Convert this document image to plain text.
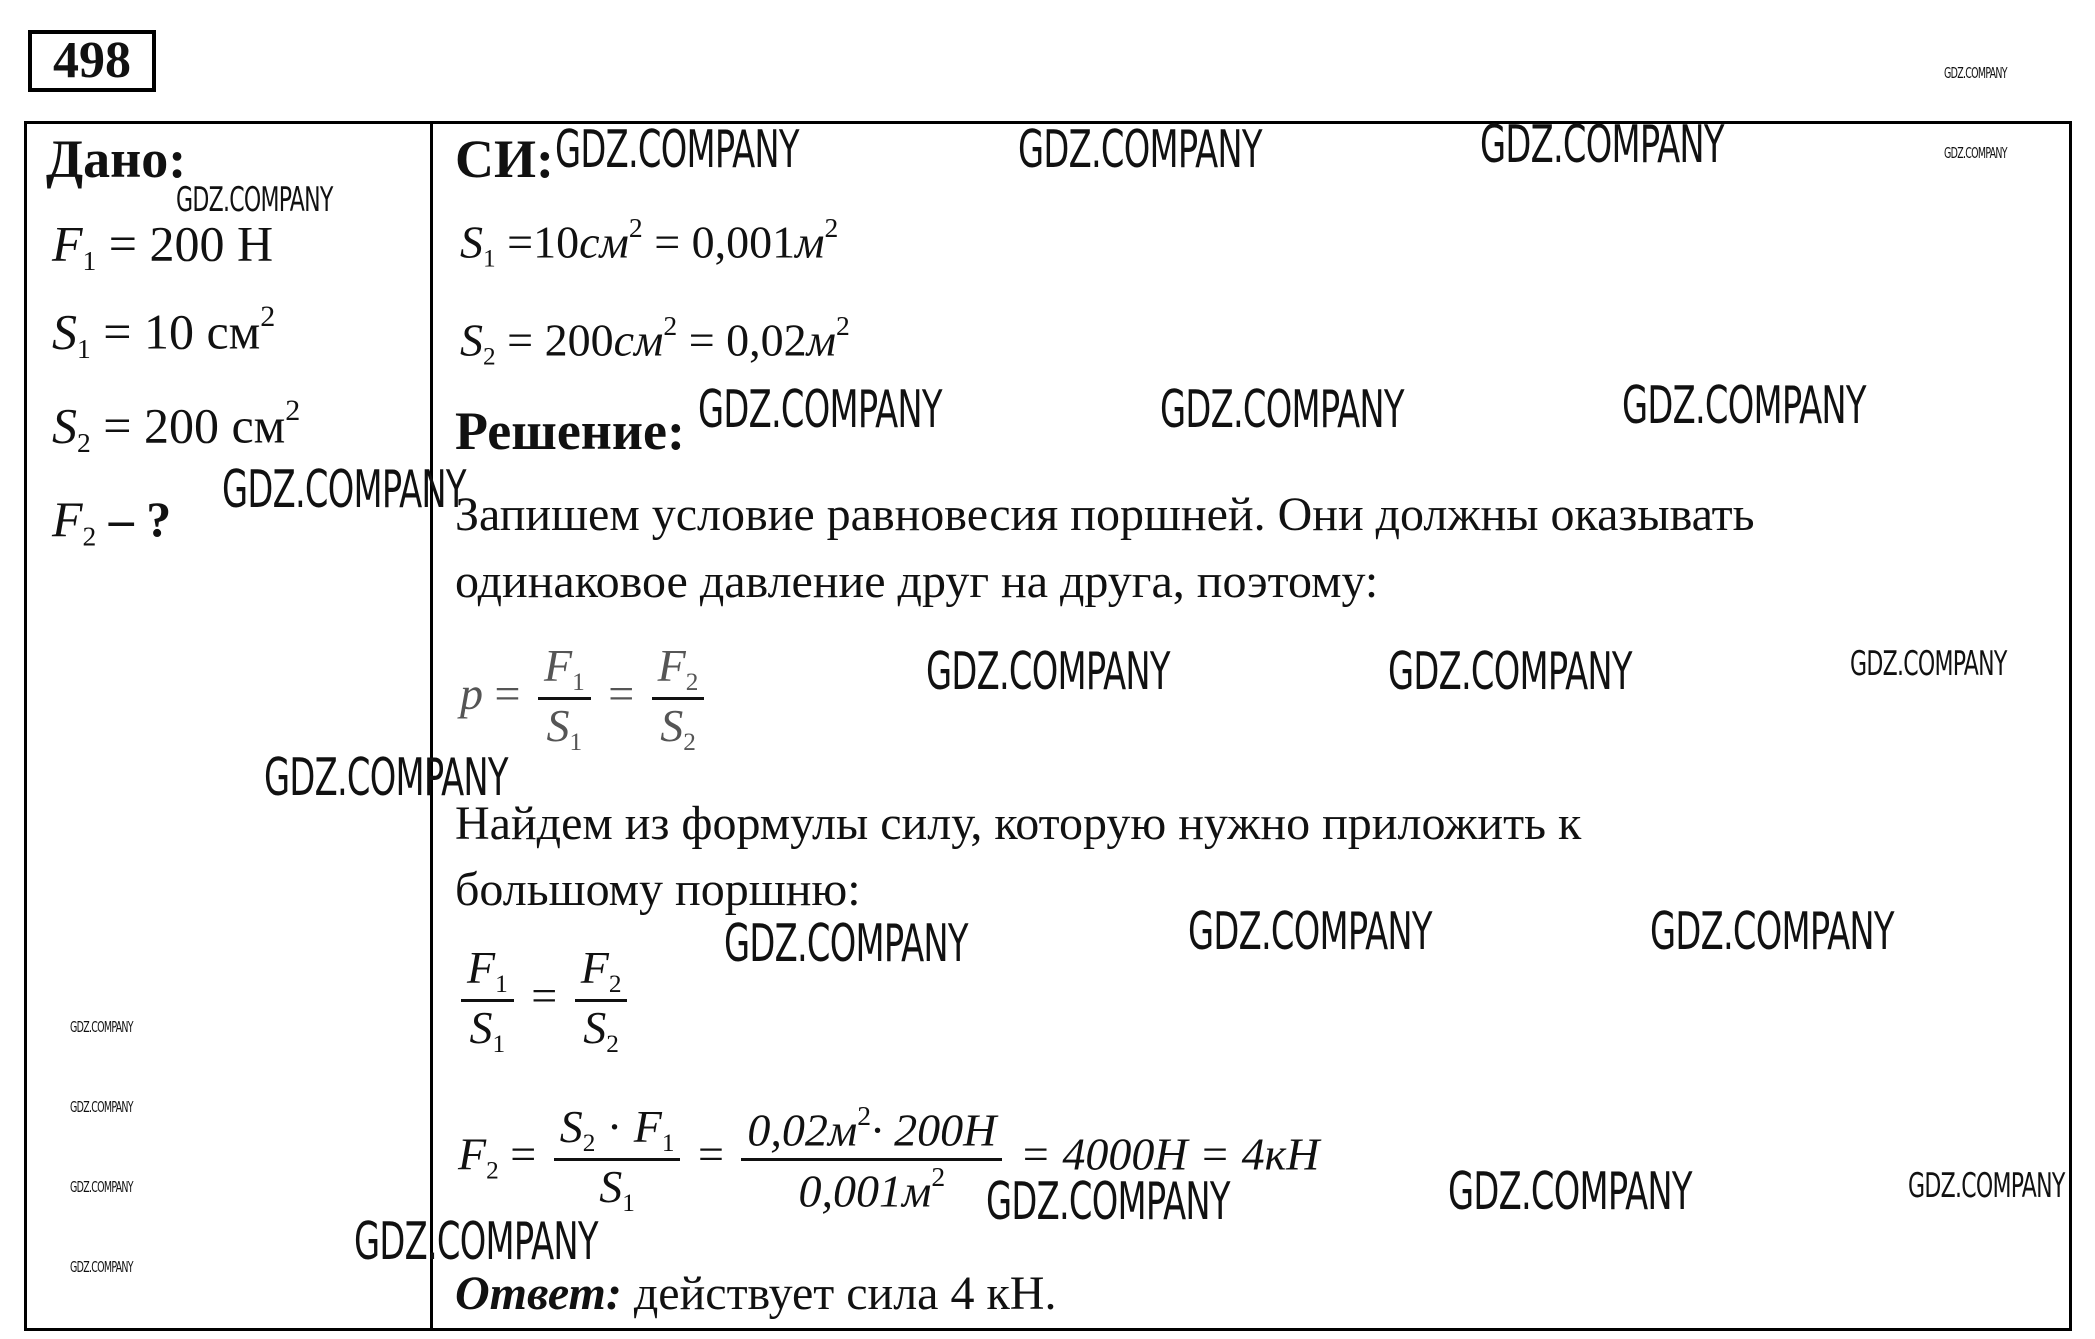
498
Дано:
$F_1 = 200$ Н
$S_1 = 10$ $см^2$
$S_2 = 200$ $см^2$
$F_2$ – ?
СИ:
$S_1 =10см^2 = 0,001м^2$
$S_2 = 200см^2 = 0,02м^2$
Решение:
Запишем условие равновесия поршней. Они должны оказывать
одинаковое давление друг на друга, поэтому:
$p = \frac{F_1}{S_1} = \frac{F_2}{S_2}$
Найдем из формулы силу, которую нужно приложить к
большому поршню:
$\frac{F_1}{S_1} = \frac{F_2}{S_2}$
$F_2 = \frac{S_2 \cdot F_1}{S_1} = \frac{0,02м^2\cdot 200Н}{0,001м^2} = 4000Н = 4кН$
Ответ: действует сила 4 кН.
GDZ.COMPANY	GDZ.COMPANY	GDZ.COMPANY
GDZ.COMPANY
GDZ.COMPANY
GDZ.COMPANY
GDZ.COMPANY
GDZ.COMPANY	GDZ.COMPANY	GDZ.COMPANY
GDZ.COMPANY	GDZ.COMPANY	GDZ.COMPANY
GDZ.COMPANY
GDZ.COMPANY	GDZ.COMPANY	GDZ.COMPANY
GDZ.COMPANY
GDZ.COMPANY
GDZ.COMPANY
GDZ.COMPANY
GDZ.COMPANY	GDZ.COMPANY	GDZ.COMPANY
GDZ.COMPANY
